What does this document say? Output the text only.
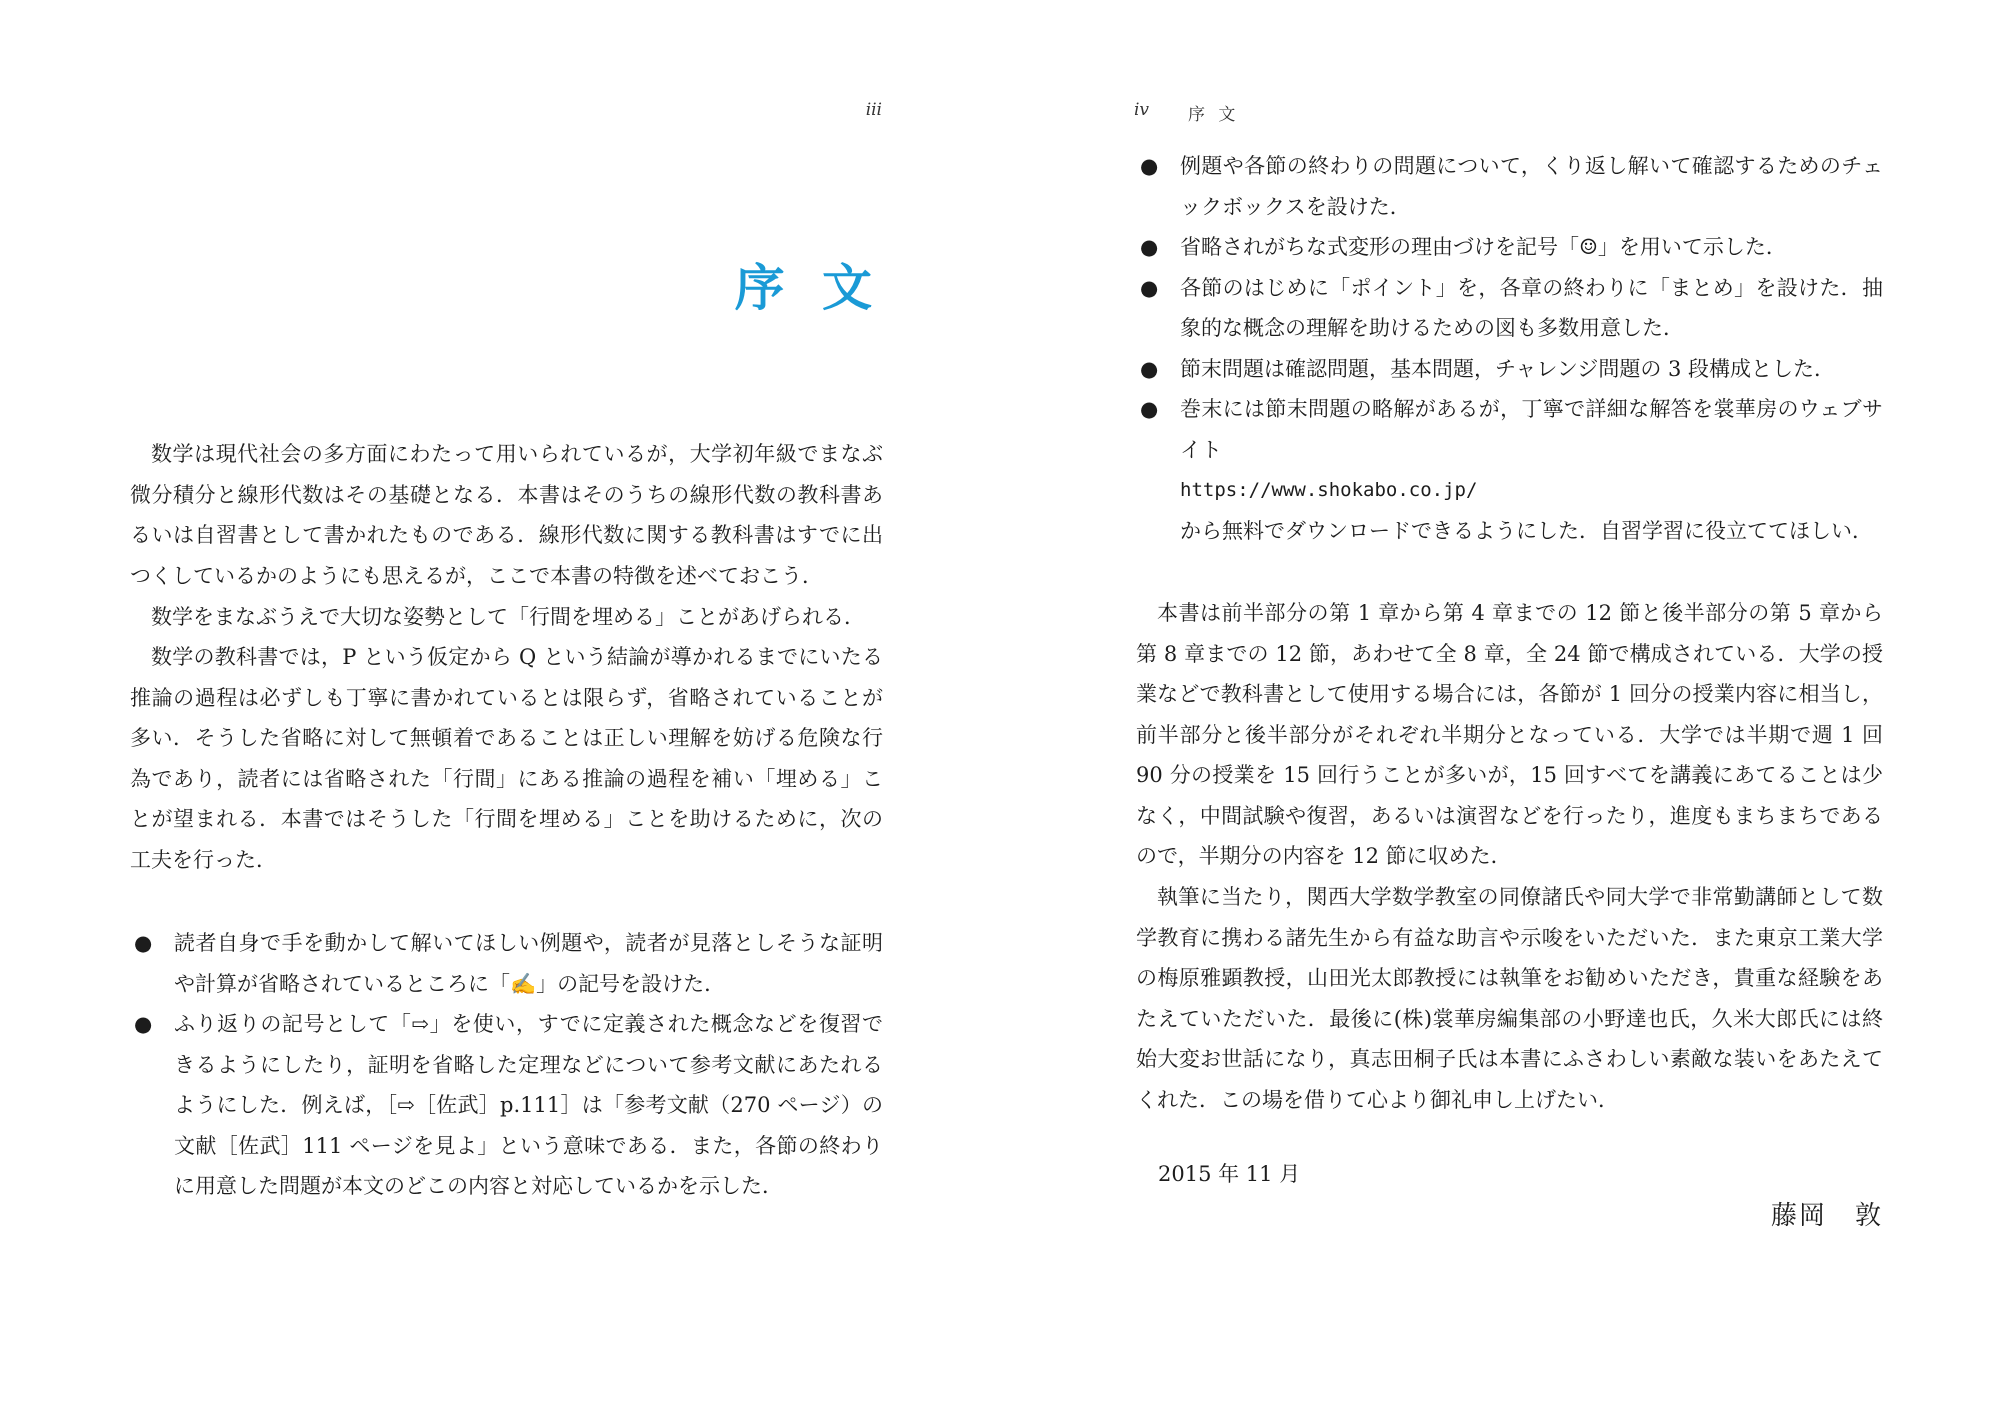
iii
序 文

数学は現代社会の多方面にわたって用いられているが，大学初年級でまなぶ微分積分と線形代数はその基礎となる．本書はそのうちの線形代数の教科書あるいは自習書として書かれたものである．線形代数に関する教科書はすでに出つくしているかのようにも思えるが，ここで本書の特徴を述べておこう．

数学をまなぶうえで大切な姿勢として「行間を埋める」ことがあげられる．

数学の教科書では，P という仮定から Q という結論が導かれるまでにいたる推論の過程は必ずしも丁寧に書かれているとは限らず，省略されていることが多い．そうした省略に対して無頓着であることは正しい理解を妨げる危険な行為であり，読者には省略された「行間」にある推論の過程を補い「埋める」ことが望まれる．本書ではそうした「行間を埋める」ことを助けるために，次の工夫を行った．

● 読者自身で手を動かして解いてほしい例題や，読者が見落としそうな証明や計算が省略されているところに「✍」の記号を設けた．
● ふり返りの記号として「⇨」を使い，すでに定義された概念などを復習できるようにしたり，証明を省略した定理などについて参考文献にあたれるようにした．例えば，［⇨［佐武］p.111］は「参考文献（270 ページ）の文献［佐武］111 ページを見よ」という意味である．また，各節の終わりに用意した問題が本文のどこの内容と対応しているかを示した．
iv 序 文
● 例題や各節の終わりの問題について，くり返し解いて確認するためのチェックボックスを設けた．
● 省略されがちな式変形の理由づけを記号「☺」を用いて示した．
● 各節のはじめに「ポイント」を，各章の終わりに「まとめ」を設けた．抽象的な概念の理解を助けるための図も多数用意した．
● 節末問題は確認問題，基本問題，チャレンジ問題の 3 段構成とした．
● 巻末には節末問題の略解があるが，丁寧で詳細な解答を裳華房のウェブサイト
https://www.shokabo.co.jp/
から無料でダウンロードできるようにした．自習学習に役立ててほしい．

本書は前半部分の第 1 章から第 4 章までの 12 節と後半部分の第 5 章から第 8 章までの 12 節，あわせて全 8 章，全 24 節で構成されている．大学の授業などで教科書として使用する場合には，各節が 1 回分の授業内容に相当し，前半部分と後半部分がそれぞれ半期分となっている．大学では半期で週 1 回 90 分の授業を 15 回行うことが多いが，15 回すべてを講義にあてることは少なく，中間試験や復習，あるいは演習などを行ったり，進度もまちまちであるので，半期分の内容を 12 節に収めた．

執筆に当たり，関西大学数学教室の同僚諸氏や同大学で非常勤講師として数学教育に携わる諸先生から有益な助言や示唆をいただいた．また東京工業大学の梅原雅顕教授，山田光太郎教授には執筆をお勧めいただき，貴重な経験をあたえていただいた．最後に(株)裳華房編集部の小野達也氏，久米大郎氏には終始大変お世話になり，真志田桐子氏は本書にふさわしい素敵な装いをあたえてくれた．この場を借りて心より御礼申し上げたい．

2015 年 11 月
藤岡　敦
